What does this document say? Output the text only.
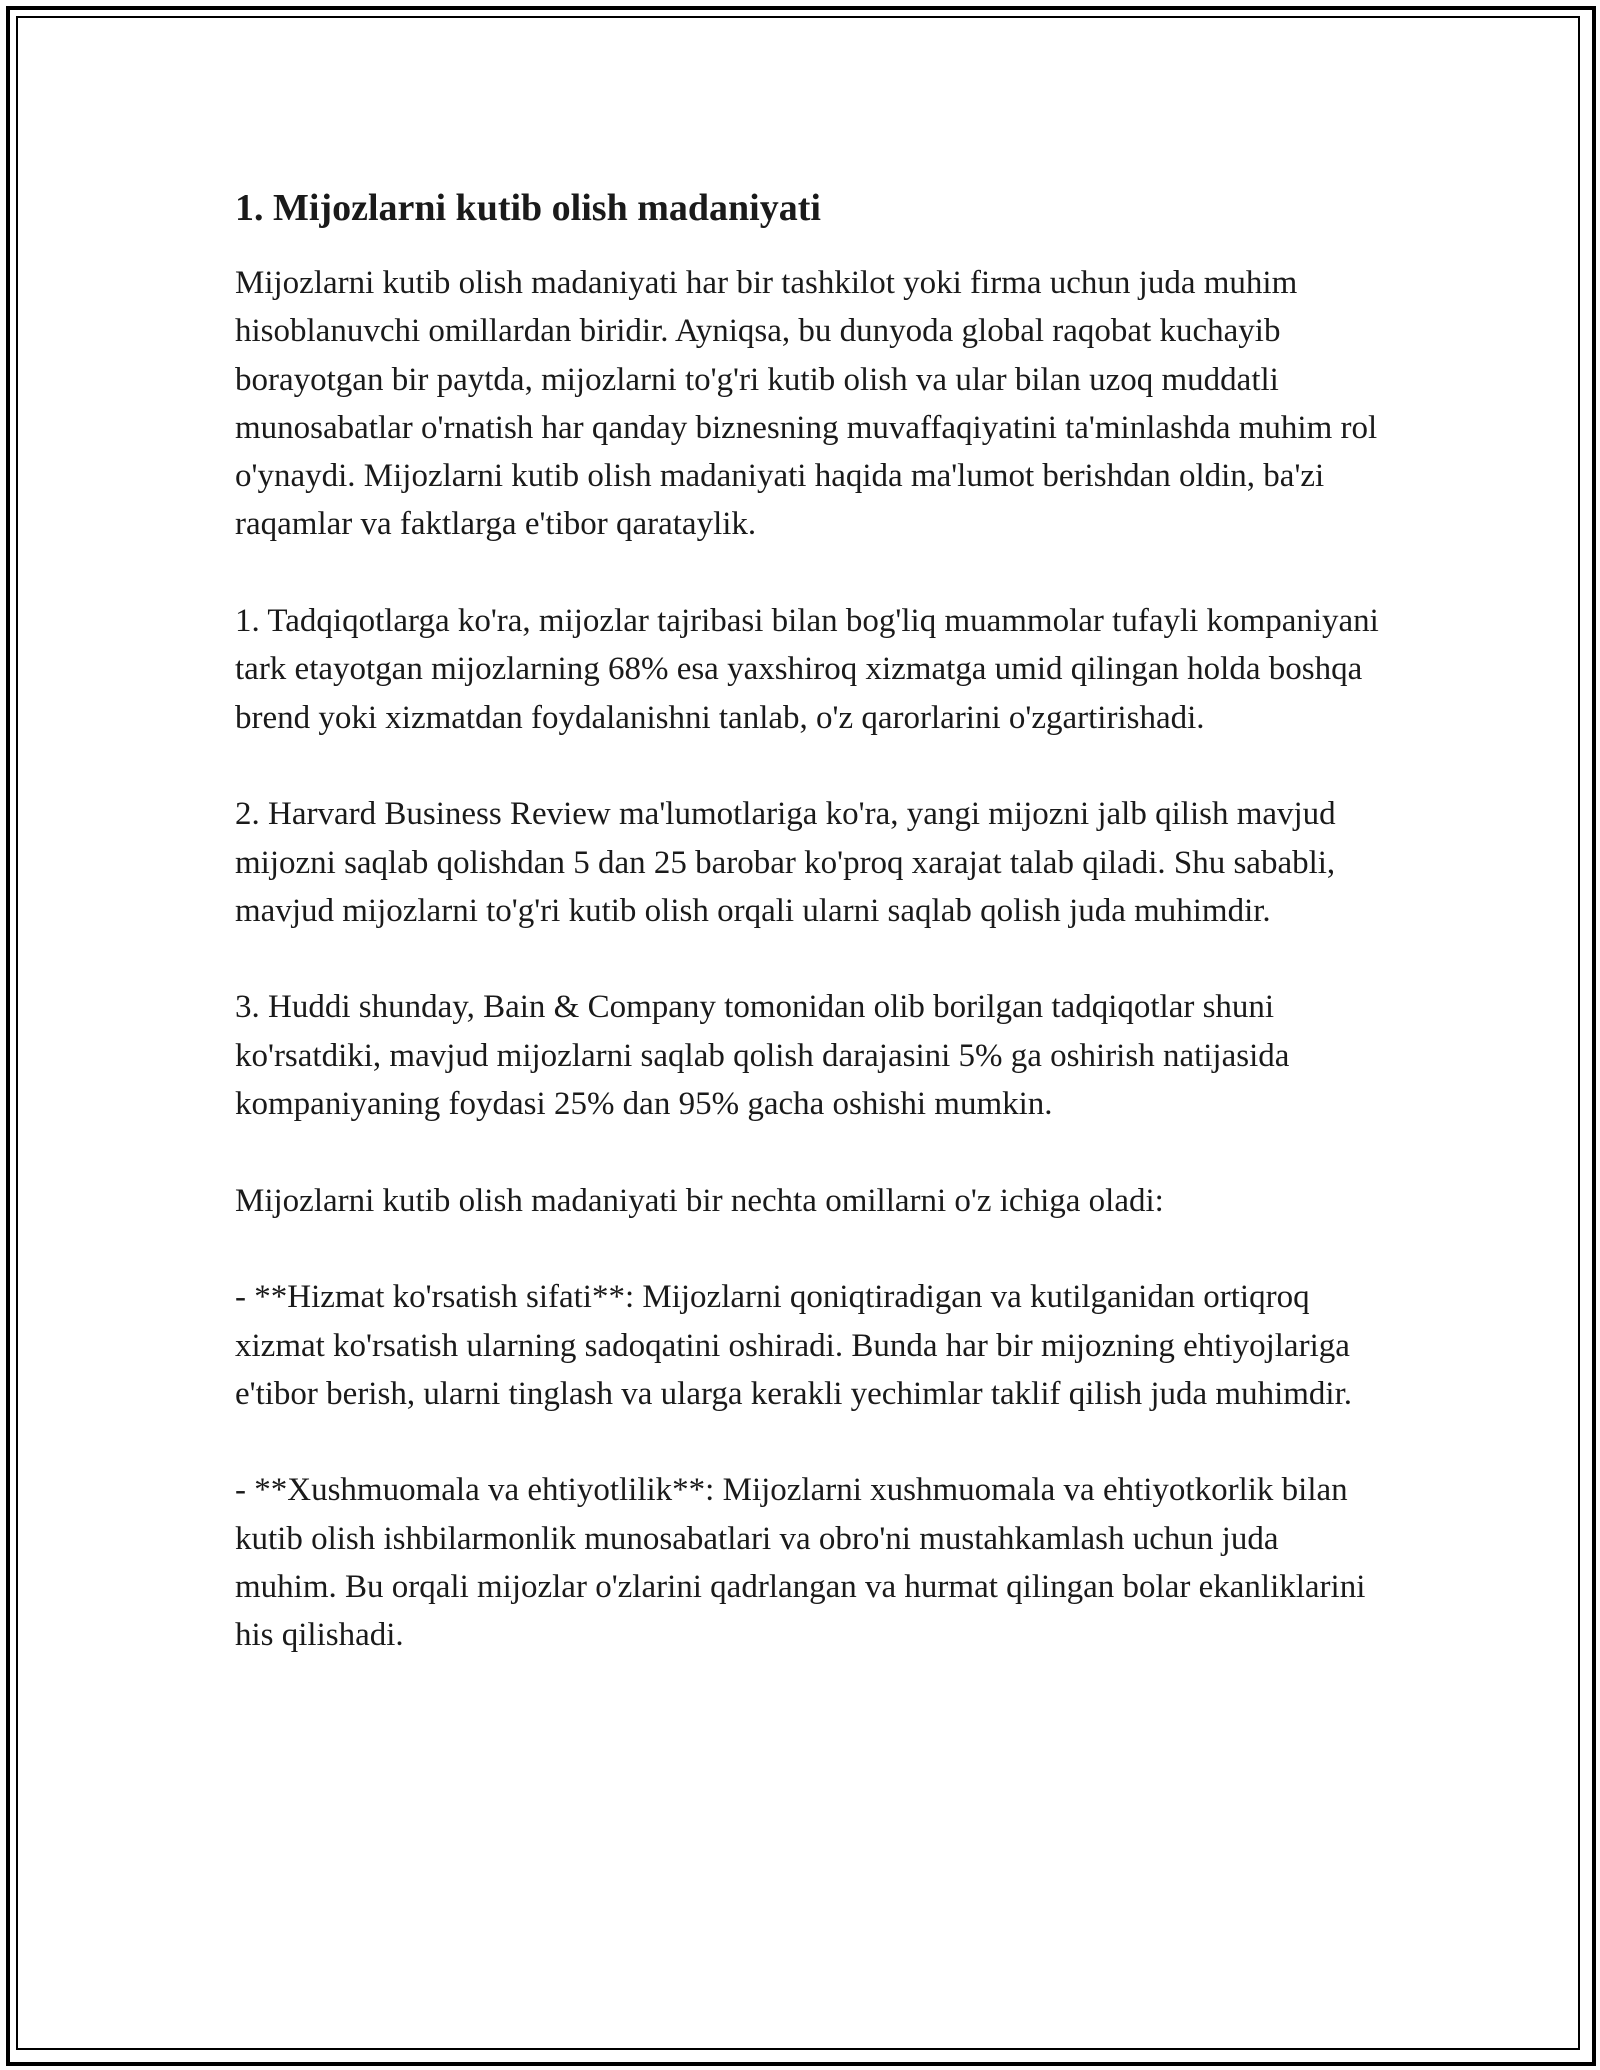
1. Mijozlarni kutib olish madaniyati

Mijozlarni kutib olish madaniyati har bir tashkilot yoki firma uchun juda muhim hisoblanuvchi omillardan biridir. Ayniqsa, bu dunyoda global raqobat kuchayib borayotgan bir paytda, mijozlarni to'g'ri kutib olish va ular bilan uzoq muddatli munosabatlar o'rnatish har qanday biznesning muvaffaqiyatini ta'minlashda muhim rol o'ynaydi. Mijozlarni kutib olish madaniyati haqida ma'lumot berishdan oldin, ba'zi raqamlar va faktlarga e'tibor qarataylik.

1. Tadqiqotlarga ko'ra, mijozlar tajribasi bilan bog'liq muammolar tufayli kompaniyani tark etayotgan mijozlarning 68% esa yaxshiroq xizmatga umid qilingan holda boshqa brend yoki xizmatdan foydalanishni tanlab, o'z qarorlarini o'zgartirishadi.

2. Harvard Business Review ma'lumotlariga ko'ra, yangi mijozni jalb qilish mavjud mijozni saqlab qolishdan 5 dan 25 barobar ko'proq xarajat talab qiladi. Shu sababli, mavjud mijozlarni to'g'ri kutib olish orqali ularni saqlab qolish juda muhimdir.

3. Huddi shunday, Bain & Company tomonidan olib borilgan tadqiqotlar shuni ko'rsatdiki, mavjud mijozlarni saqlab qolish darajasini 5% ga oshirish natijasida kompaniyaning foydasi 25% dan 95% gacha oshishi mumkin.

Mijozlarni kutib olish madaniyati bir nechta omillarni o'z ichiga oladi:

- **Hizmat ko'rsatish sifati**: Mijozlarni qoniqtiradigan va kutilganidan ortiqroq xizmat ko'rsatish ularning sadoqatini oshiradi. Bunda har bir mijozning ehtiyojlariga e'tibor berish, ularni tinglash va ularga kerakli yechimlar taklif qilish juda muhimdir.

- **Xushmuomala va ehtiyotlilik**: Mijozlarni xushmuomala va ehtiyotkorlik bilan kutib olish ishbilarmonlik munosabatlari va obro'ni mustahkamlash uchun juda muhim. Bu orqali mijozlar o'zlarini qadrlangan va hurmat qilingan bolar ekanliklarini his qilishadi.
